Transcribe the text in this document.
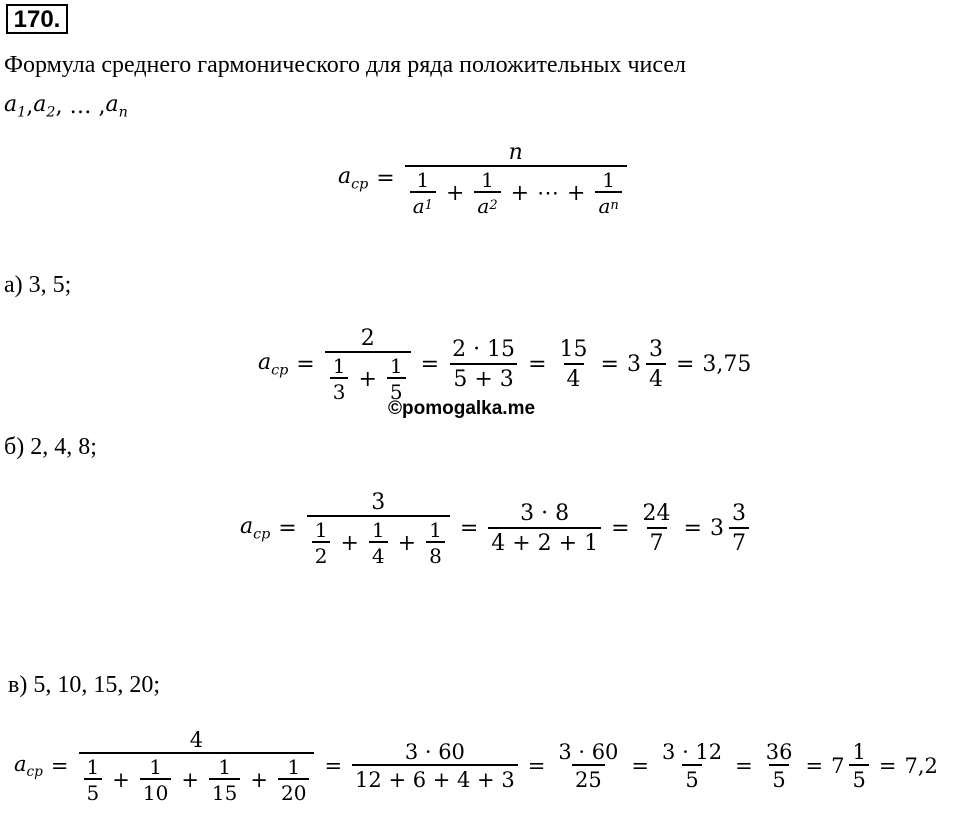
170.
Формула среднего гармонического для ряда положительных чисел
$a_1$ , $a_2$ , … , $a_n$
$a_{cp}$ =
n
$\frac{1}{a 1} + \frac{1}{a 2}$ + ⋯ + $\frac{1}{\text{a n}}$
а) 3, 5;
$a_{cp} = \frac{2}{\frac{1}{3} + \frac{1}{5}} = \frac{2 \cdot 15}{5 + 3} = \frac{15}{4} = 3 \frac{3}{4} = 3,75$
©pomogalka.me
б) 2, 4, 8;
$a_{cp} = \frac{3}{\frac{1}{2} + \frac{1}{4} + \frac{1}{8}} = \frac{3 \cdot 8}{4 + 2 + 1} = \frac{24}{7} = 3 \frac{3}{7}$
в) 5, 10, 15, 20;
$a_{cp} = \frac{4}{\frac{1}{5} + \frac{1}{10} + \frac{1}{15} + \frac{1}{20}} = \frac{3 \cdot 60}{12 + 6 + 4 + 3} = \frac{3 \cdot 60}{25} = \frac{3 \cdot 12}{5} = \frac{36}{5} = 7 \frac{1}{5} = 7,2$
